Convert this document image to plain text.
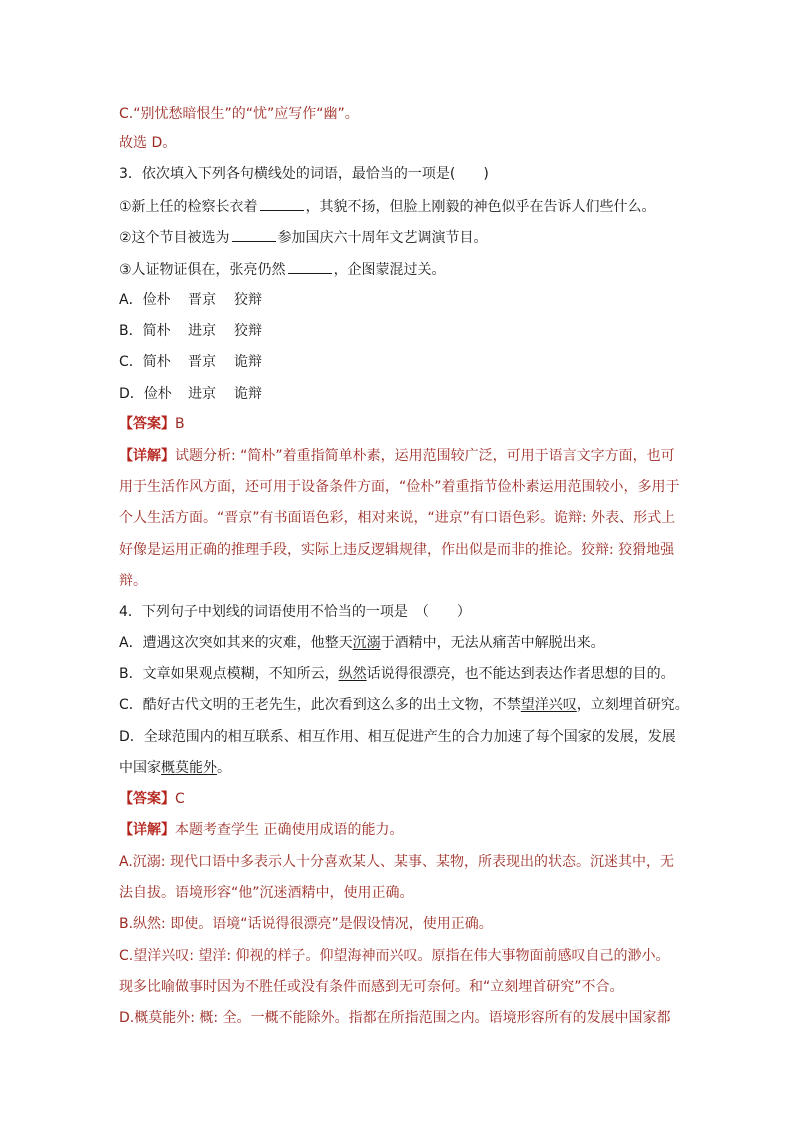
C.“别忧愁暗恨生”的“忧”应写作“幽”。
故选 D。
3．依次填入下列各句横线处的词语，最恰当的一项是(　　)
①新上任的检察长衣着	，其貌不扬，但脸上刚毅的神色似乎在告诉人们些什么。
②这个节目被选为	参加国庆六十周年文艺调演节目。
③人证物证俱在，张亮仍然	，企图蒙混过关。
A．俭朴 晋京 狡辩
B．简朴 进京 狡辩
C．简朴 晋京 诡辩
D．俭朴 进京 诡辩
【答案】B
【详解】试题分析: “简朴”着重指简单朴素，运用范围较广泛，可用于语言文字方面，也可
用于生活作风方面，还可用于设备条件方面，“俭朴”着重指节俭朴素运用范围较小，多用于
个人生活方面。“晋京”有书面语色彩，相对来说，“进京”有口语色彩。诡辩: 外表、形式上
好像是运用正确的推理手段，实际上违反逻辑规律，作出似是而非的推论。狡辩: 狡猾地强
辩。
4．下列句子中划线的词语使用不恰当的一项是　（　　）
A．遭遇这次突如其来的灾难，他整天沉溺于酒精中，无法从痛苦中解脱出来。
B．文章如果观点模糊，不知所云，纵然话说得很漂亮，也不能达到表达作者思想的目的。
C．酷好古代文明的王老先生，此次看到这么多的出土文物，不禁望洋兴叹，立刻埋首研究。
D．全球范围内的相互联系、相互作用、相互促进产生的合力加速了每个国家的发展，发展
中国家概莫能外。
【答案】C
【详解】本题考查学生 正确使用成语的能力。
A.沉溺: 现代口语中多表示人十分喜欢某人、某事、某物，所表现出的状态。沉迷其中，无
法自拔。语境形容“他”沉迷酒精中，使用正确。
B.纵然: 即使。语境“话说得很漂亮”是假设情况，使用正确。
C.望洋兴叹: 望洋: 仰视的样子。仰望海神而兴叹。原指在伟大事物面前感叹自己的渺小。
现多比喻做事时因为不胜任或没有条件而感到无可奈何。和“立刻埋首研究”不合。
D.概莫能外: 概: 全。一概不能除外。指都在所指范围之内。语境形容所有的发展中国家都
